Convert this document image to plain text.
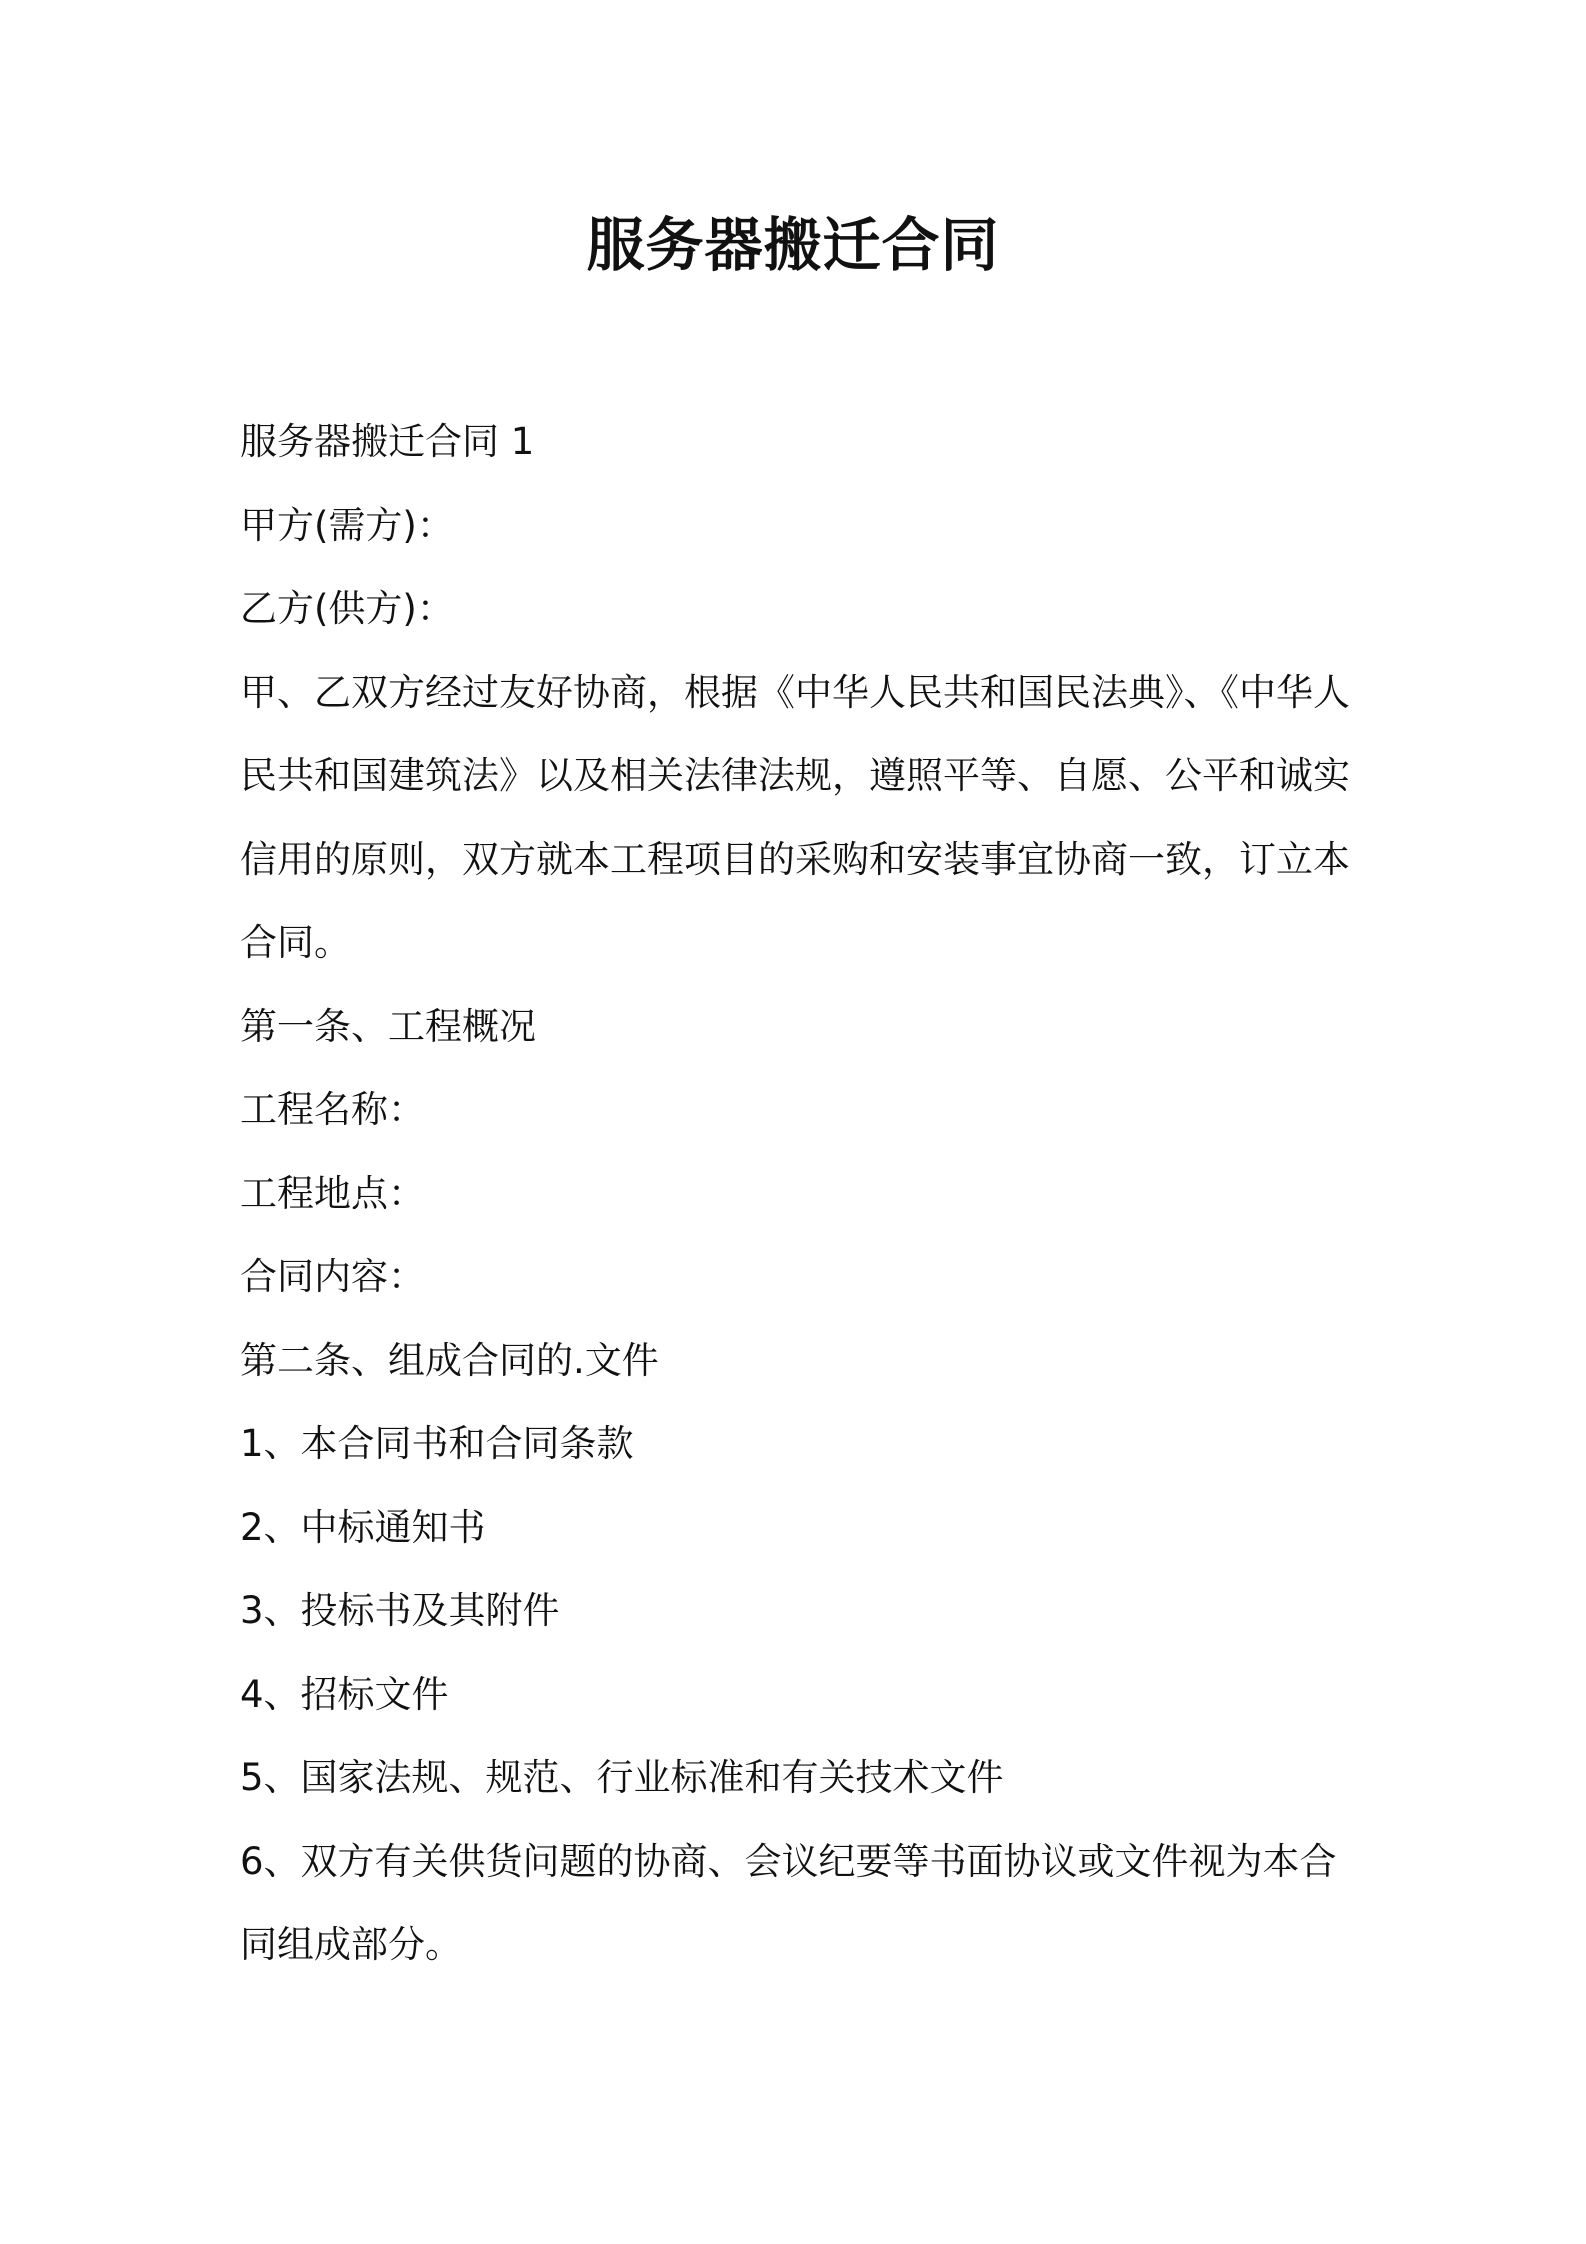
服务器搬迁合同

服务器搬迁合同 1

甲方(需方)：

乙方(供方)：

甲、乙双方经过友好协商，根据《中华人民共和国民法典》、《中华人民共和国建筑法》以及相关法律法规，遵照平等、自愿、公平和诚实信用的原则，双方就本工程项目的采购和安装事宜协商一致，订立本合同。

第一条、工程概况

工程名称：

工程地点：

合同内容：

第二条、组成合同的.文件

1、本合同书和合同条款

2、中标通知书

3、投标书及其附件

4、招标文件

5、国家法规、规范、行业标准和有关技术文件

6、双方有关供货问题的协商、会议纪要等书面协议或文件视为本合同组成部分。
